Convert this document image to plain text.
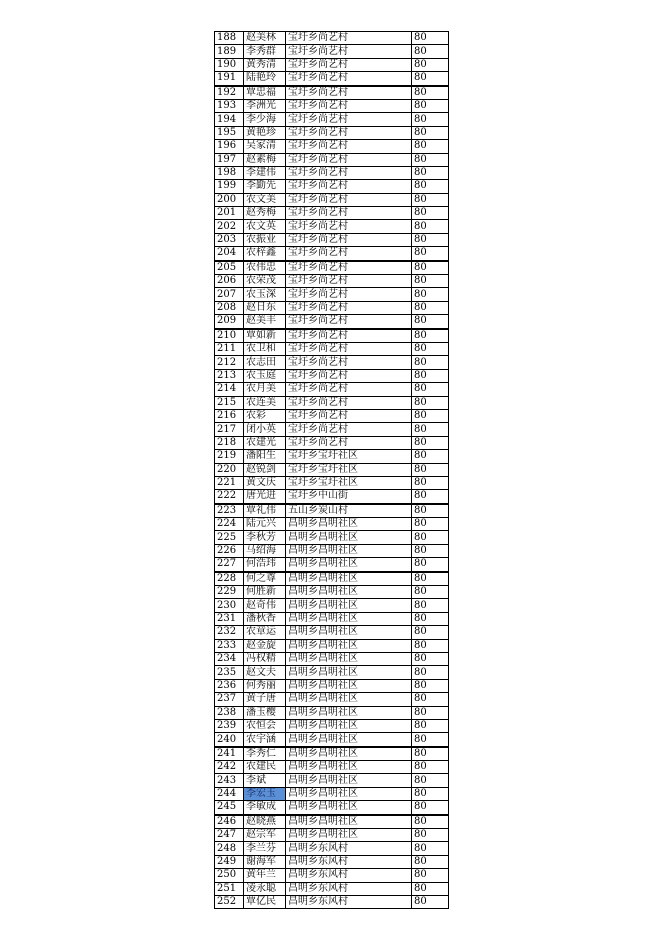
188	赵美林	宝圩乡尚艺村	80
189	李秀群	宝圩乡尚艺村	80
190	黄秀清	宝圩乡尚艺村	80
191	陆艳玲	宝圩乡尚艺村	80
192	覃忠福	宝圩乡尚艺村	80
193	李洲光	宝圩乡尚艺村	80
194	李少海	宝圩乡尚艺村	80
195	黄艳珍	宝圩乡尚艺村	80
196	吴家清	宝圩乡尚艺村	80
197	赵素梅	宝圩乡尚艺村	80
198	李建伟	宝圩乡尚艺村	80
199	李勤先	宝圩乡尚艺村	80
200	农文美	宝圩乡尚艺村	80
201	赵秀梅	宝圩乡尚艺村	80
202	农文英	宝圩乡尚艺村	80
203	农振业	宝圩乡尚艺村	80
204	农梓鑫	宝圩乡尚艺村	80
205	农伟忠	宝圩乡尚艺村	80
206	农荣茂	宝圩乡尚艺村	80
207	农玉深	宝圩乡尚艺村	80
208	赵日东	宝圩乡尚艺村	80
209	赵美丰	宝圩乡尚艺村	80
210	覃如新	宝圩乡尚艺村	80
211	农卫和	宝圩乡尚艺村	80
212	农志田	宝圩乡尚艺村	80
213	农玉庭	宝圩乡尚艺村	80
214	农月美	宝圩乡尚艺村	80
215	农连美	宝圩乡尚艺村	80
216	农彩	宝圩乡尚艺村	80
217	闭小英	宝圩乡尚艺村	80
218	农建光	宝圩乡尚艺村	80
219	潘阳生	宝圩乡宝圩社区	80
220	赵锐剑	宝圩乡宝圩社区	80
221	黄文庆	宝圩乡宝圩社区	80
222	唐光进	宝圩乡中山街	80
223	覃礼伟	五山乡炭山村	80
224	陆元兴	昌明乡昌明社区	80
225	李秋芳	昌明乡昌明社区	80
226	马绍海	昌明乡昌明社区	80
227	何浩玮	昌明乡昌明社区	80
228	何之尊	昌明乡昌明社区	80
229	何胜新	昌明乡昌明社区	80
230	赵奇伟	昌明乡昌明社区	80
231	潘秋香	昌明乡昌明社区	80
232	农章运	昌明乡昌明社区	80
233	赵金旋	昌明乡昌明社区	80
234	冯权精	昌明乡昌明社区	80
235	赵文夫	昌明乡昌明社区	80
236	何秀丽	昌明乡昌明社区	80
237	黄子唐	昌明乡昌明社区	80
238	潘玉樱	昌明乡昌明社区	80
239	农恒会	昌明乡昌明社区	80
240	农宇涵	昌明乡昌明社区	80
241	李秀仁	昌明乡昌明社区	80
242	农建民	昌明乡昌明社区	80
243	李斌	昌明乡昌明社区	80
244	李宏玉	昌明乡昌明社区	80
245	李敏成	昌明乡昌明社区	80
246	赵晓燕	昌明乡昌明社区	80
247	赵宗军	昌明乡昌明社区	80
248	李兰芬	昌明乡东风村	80
249	谢海军	昌明乡东风村	80
250	黄年兰	昌明乡东风村	80
251	凌永聪	昌明乡东风村	80
252	覃亿民	昌明乡东风村	80
